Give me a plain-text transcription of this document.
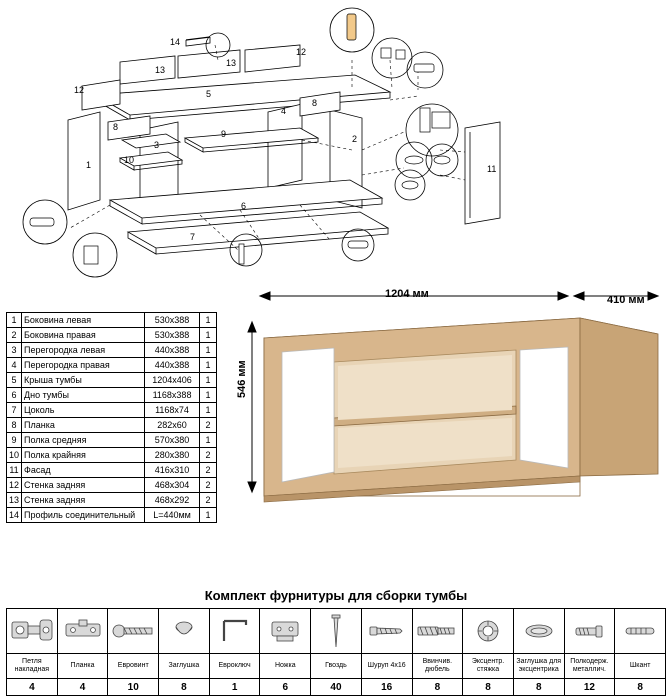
1
2
3
4
5
6
7
8
8
9
10
11
12
12
13
13
14
1	Боковина левая	530x388	1
2	Боковина правая	530x388	1
3	Перегородка левая	440x388	1
4	Перегородка правая	440x388	1
5	Крыша тумбы	1204x406	1
6	Дно тумбы	1168x388	1
7	Цоколь	1168x74	1
8	Планка	282x60	2
9	Полка средняя	570x380	1
10	Полка крайняя	280x380	2
11	Фасад	416x310	2
12	Стенка задняя	468x304	2
13	Стенка задняя	468x292	2
14	Профиль соединительный	L=440мм	1
1204 мм	410 мм
546 мм
Комплект фурнитуры для сборки тумбы

Петля накладная	Планка	Евровинт	Заглушка	Евроключ	Ножка	Гвоздь	Шуруп 4х16	Ввинчив. дюбель	Эксцентр. стяжка	Заглушка для эксцентрика	Полкодерж. металлич.	Шкант
4	4	10	8	1	6	40	16	8	8	8	12	8
